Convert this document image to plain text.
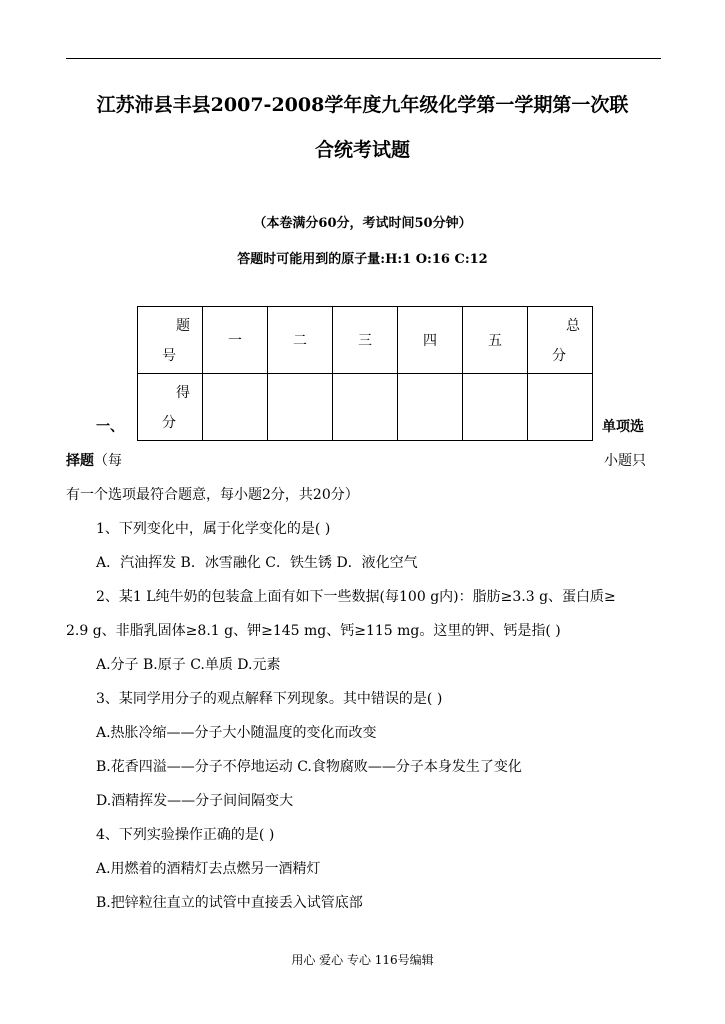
江苏沛县丰县2007-2008学年度九年级化学第一学期第一次联
合统考试题
（本卷满分60分，考试时间50分钟）
答题时可能用到的原子量:H:1 O:16 C:12
题
号	一	二	三	四	五	总
分

得
分						

一、	单项选
择题（每	小题只
有一个选项最符合题意，每小题2分，共20分）
1、下列变化中，属于化学变化的是( )
A．汽油挥发 B．冰雪融化 C．铁生锈 D．液化空气
2、某1 L纯牛奶的包装盒上面有如下一些数据(每100 g内)：脂肪≥3.3 g、蛋白质≥
2.9 g、非脂乳固体≥8.1 g、钾≥145 mg、钙≥115 mg。这里的钾、钙是指( )
A.分子 B.原子 C.单质 D.元素
3、某同学用分子的观点解释下列现象。其中错误的是( )
A.热胀冷缩——分子大小随温度的变化而改变
B.花香四溢——分子不停地运动 C.食物腐败——分子本身发生了变化
D.酒精挥发——分子间间隔变大
4、下列实验操作正确的是( )
A.用燃着的酒精灯去点燃另一酒精灯
B.把锌粒往直立的试管中直接丢入试管底部
用心 爱心 专心 116号编辑
